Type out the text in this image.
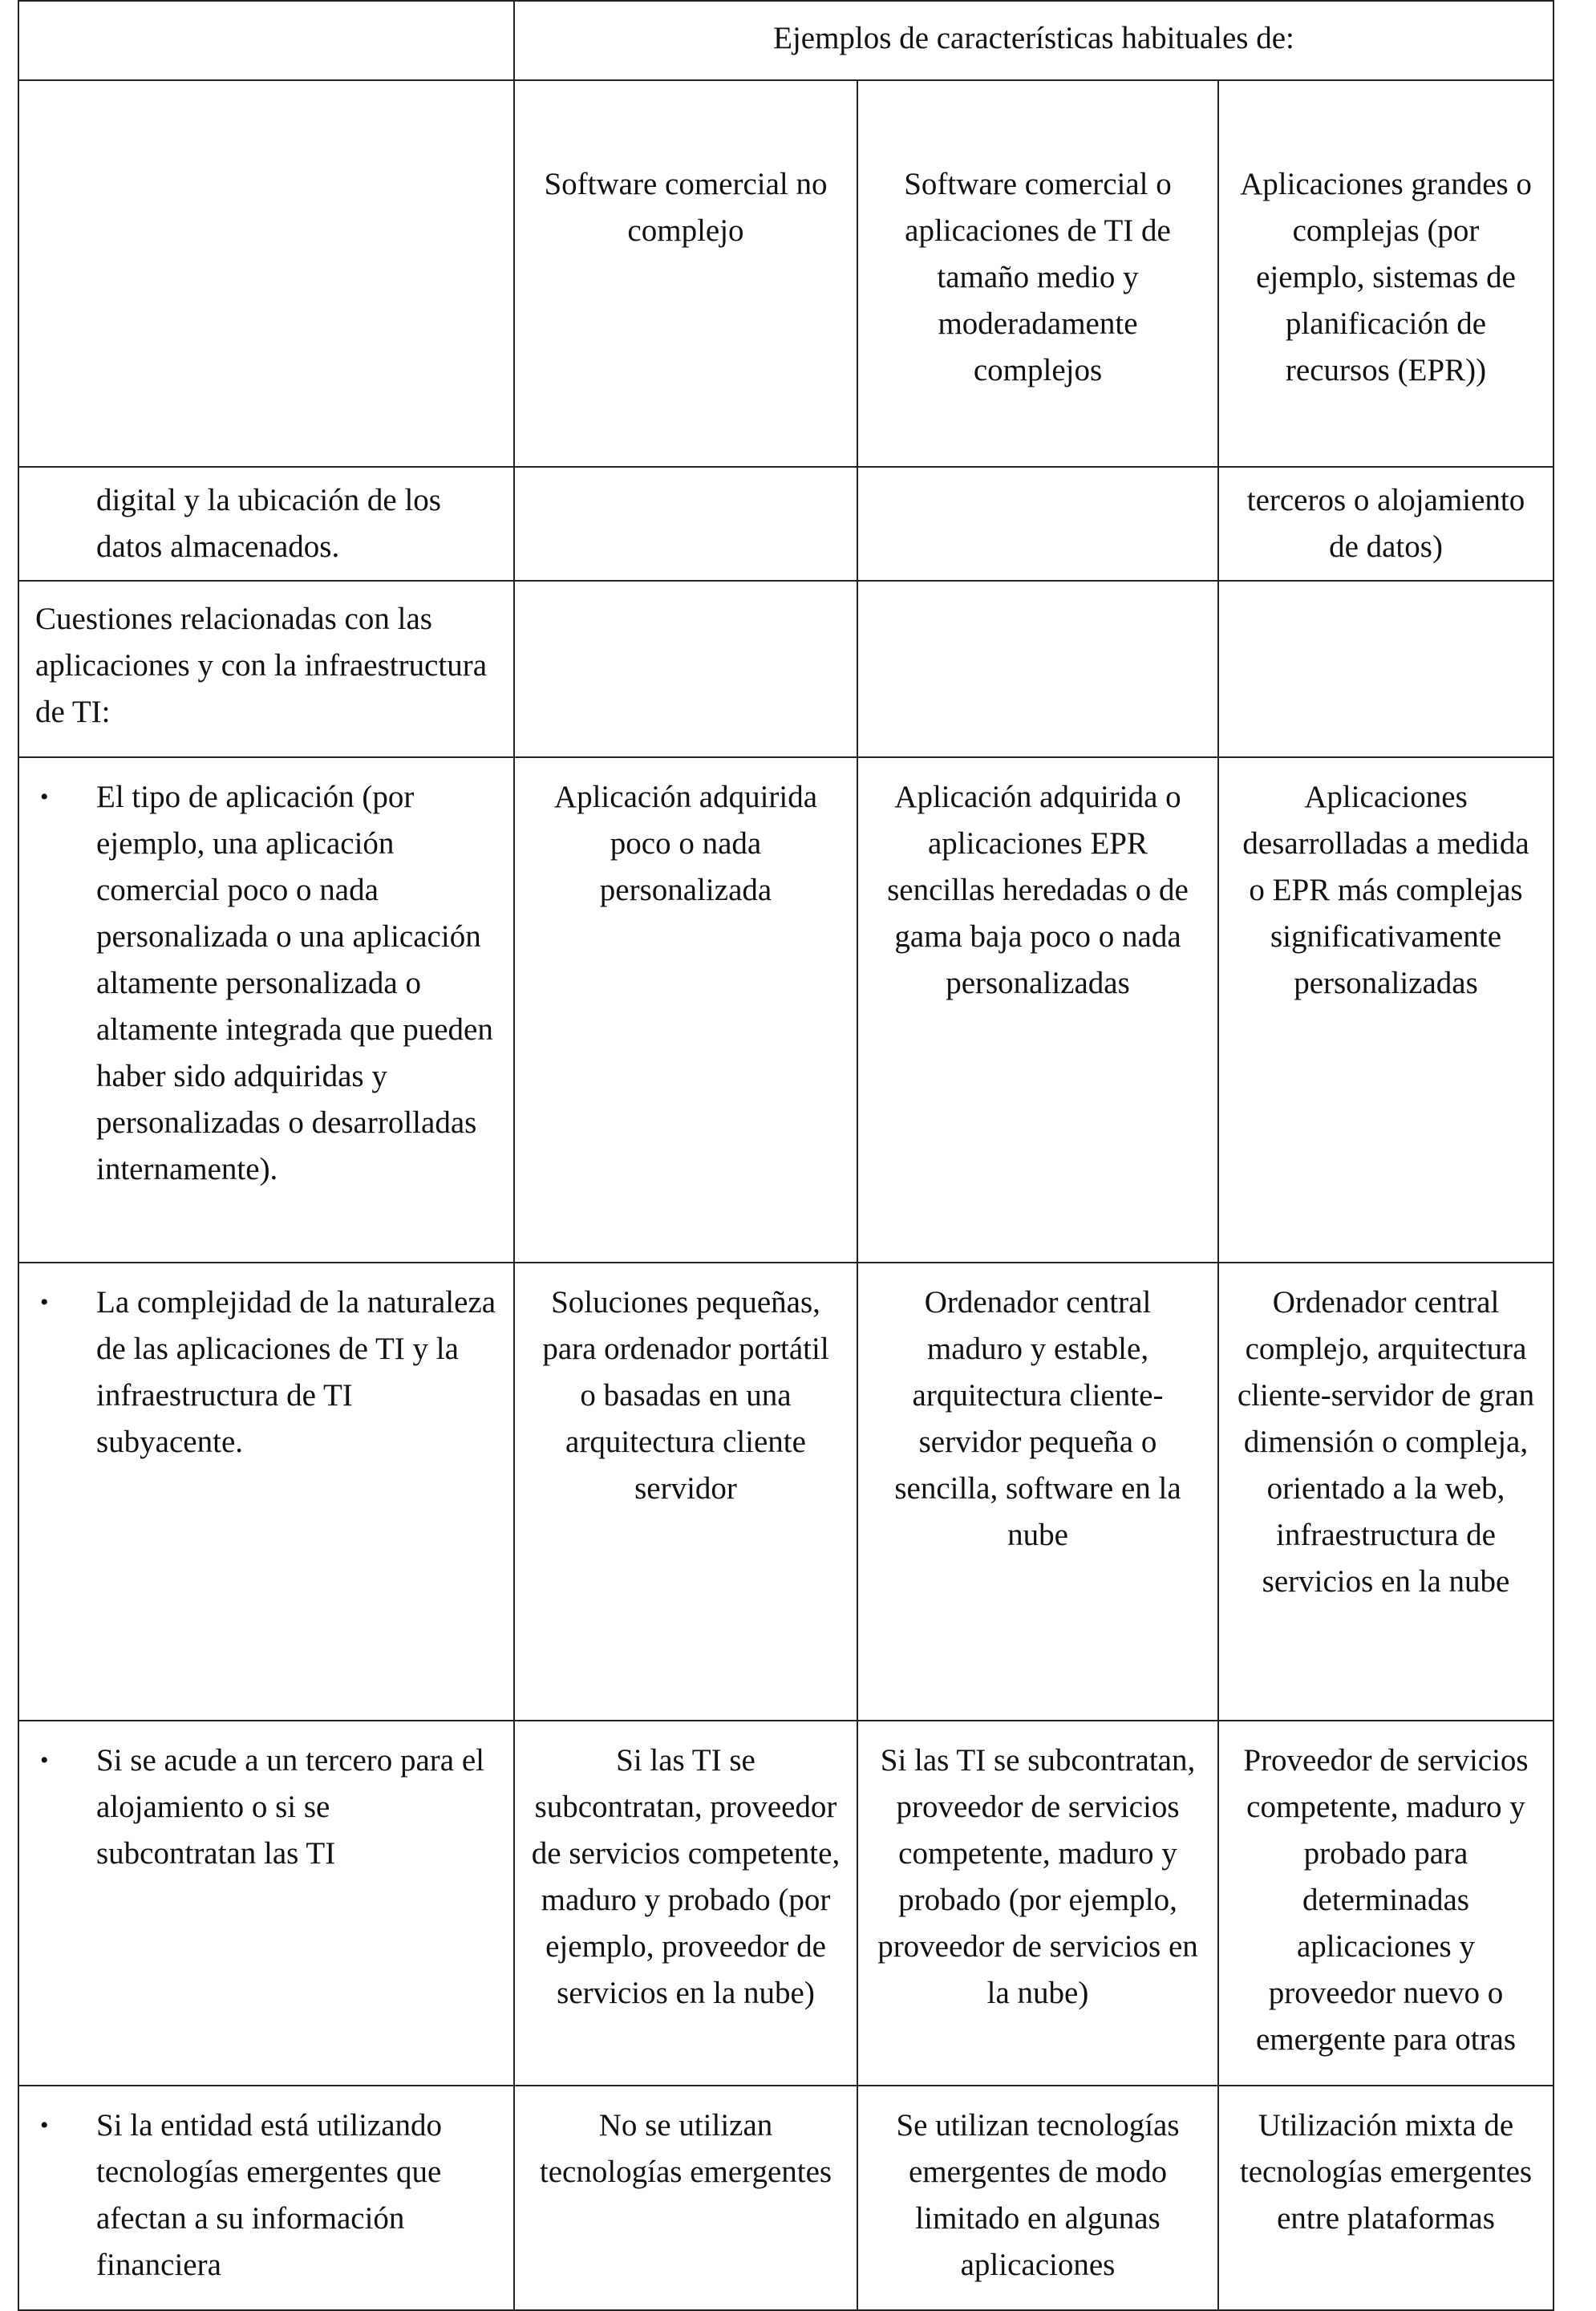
	Ejemplos de características habituales de:		
	Software comercial no complejo	Software comercial o aplicaciones de TI de tamaño medio y moderadamente complejos	Aplicaciones grandes o complejas (por ejemplo, sistemas de planificación de recursos (EPR))
digital y la ubicación de los datos almacenados.			terceros o alojamiento de datos)
Cuestiones relacionadas con las aplicaciones y con la infraestructura de TI:			

• El tipo de aplicación (por ejemplo, una aplicación comercial poco o nada personalizada o una aplicación altamente personalizada o altamente integrada que pueden haber sido adquiridas y personalizadas o desarrolladas internamente).	Aplicación adquirida poco o nada personalizada	Aplicación adquirida o aplicaciones EPR sencillas heredadas o de gama baja poco o nada personalizadas	Aplicaciones desarrolladas a medida o EPR más complejas significativamente personalizadas

• La complejidad de la naturaleza de las aplicaciones de TI y la infraestructura de TI subyacente.	Soluciones pequeñas, para ordenador portátil o basadas en una arquitectura cliente servidor	Ordenador central maduro y estable, arquitectura cliente-servidor pequeña o sencilla, software en la nube	Ordenador central complejo, arquitectura cliente-servidor de gran dimensión o compleja, orientado a la web, infraestructura de servicios en la nube

• Si se acude a un tercero para el alojamiento o si se subcontratan las TI	Si las TI se subcontratan, proveedor de servicios competente, maduro y probado (por ejemplo, proveedor de servicios en la nube)	Si las TI se subcontratan, proveedor de servicios competente, maduro y probado (por ejemplo, proveedor de servicios en la nube)	Proveedor de servicios competente, maduro y probado para determinadas aplicaciones y proveedor nuevo o emergente para otras

• Si la entidad está utilizando tecnologías emergentes que afectan a su información financiera	No se utilizan tecnologías emergentes	Se utilizan tecnologías emergentes de modo limitado en algunas aplicaciones	Utilización mixta de tecnologías emergentes entre plataformas
